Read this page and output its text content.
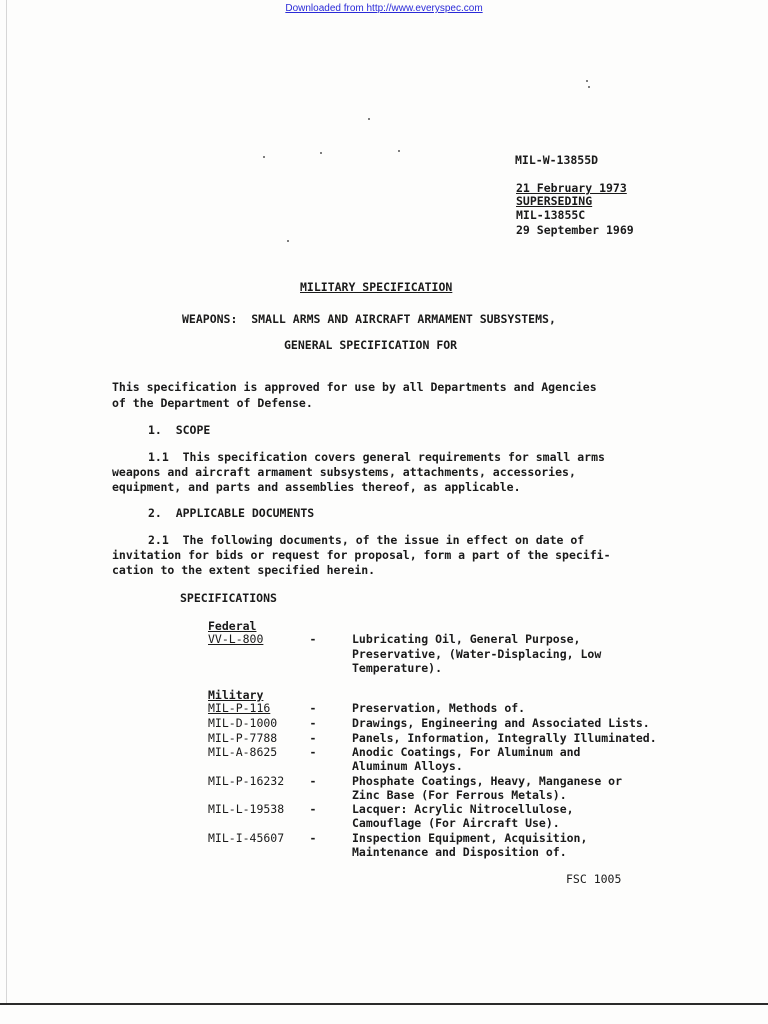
Downloaded from http://www.everyspec.com
MIL-W-13855D
21 February 1973
SUPERSEDING
MIL-13855C
29 September 1969
MILITARY SPECIFICATION
WEAPONS:  SMALL ARMS AND AIRCRAFT ARMAMENT SUBSYSTEMS,
GENERAL SPECIFICATION FOR
This specification is approved for use by all Departments and Agencies
of the Department of Defense.
1.  SCOPE
1.1  This specification covers general requirements for small arms
weapons and aircraft armament subsystems, attachments, accessories,
equipment, and parts and assemblies thereof, as applicable.
2.  APPLICABLE DOCUMENTS
2.1  The following documents, of the issue in effect on date of
invitation for bids or request for proposal, form a part of the specifi-
cation to the extent specified herein.
SPECIFICATIONS
Federal
VV-L-800	-	Lubricating Oil, General Purpose,
Preservative, (Water-Displacing, Low
Temperature).
Military
MIL-P-116	-	Preservation, Methods of.
MIL-D-1000	-	Drawings, Engineering and Associated Lists.
MIL-P-7788	-	Panels, Information, Integrally Illuminated.
MIL-A-8625	-	Anodic Coatings, For Aluminum and
Aluminum Alloys.
MIL-P-16232 -	Phosphate Coatings, Heavy, Manganese or
Zinc Base (For Ferrous Metals).
MIL-L-19538 -	Lacquer: Acrylic Nitrocellulose,
Camouflage (For Aircraft Use).
MIL-I-45607 -	Inspection Equipment, Acquisition,
Maintenance and Disposition of.
FSC 1005
